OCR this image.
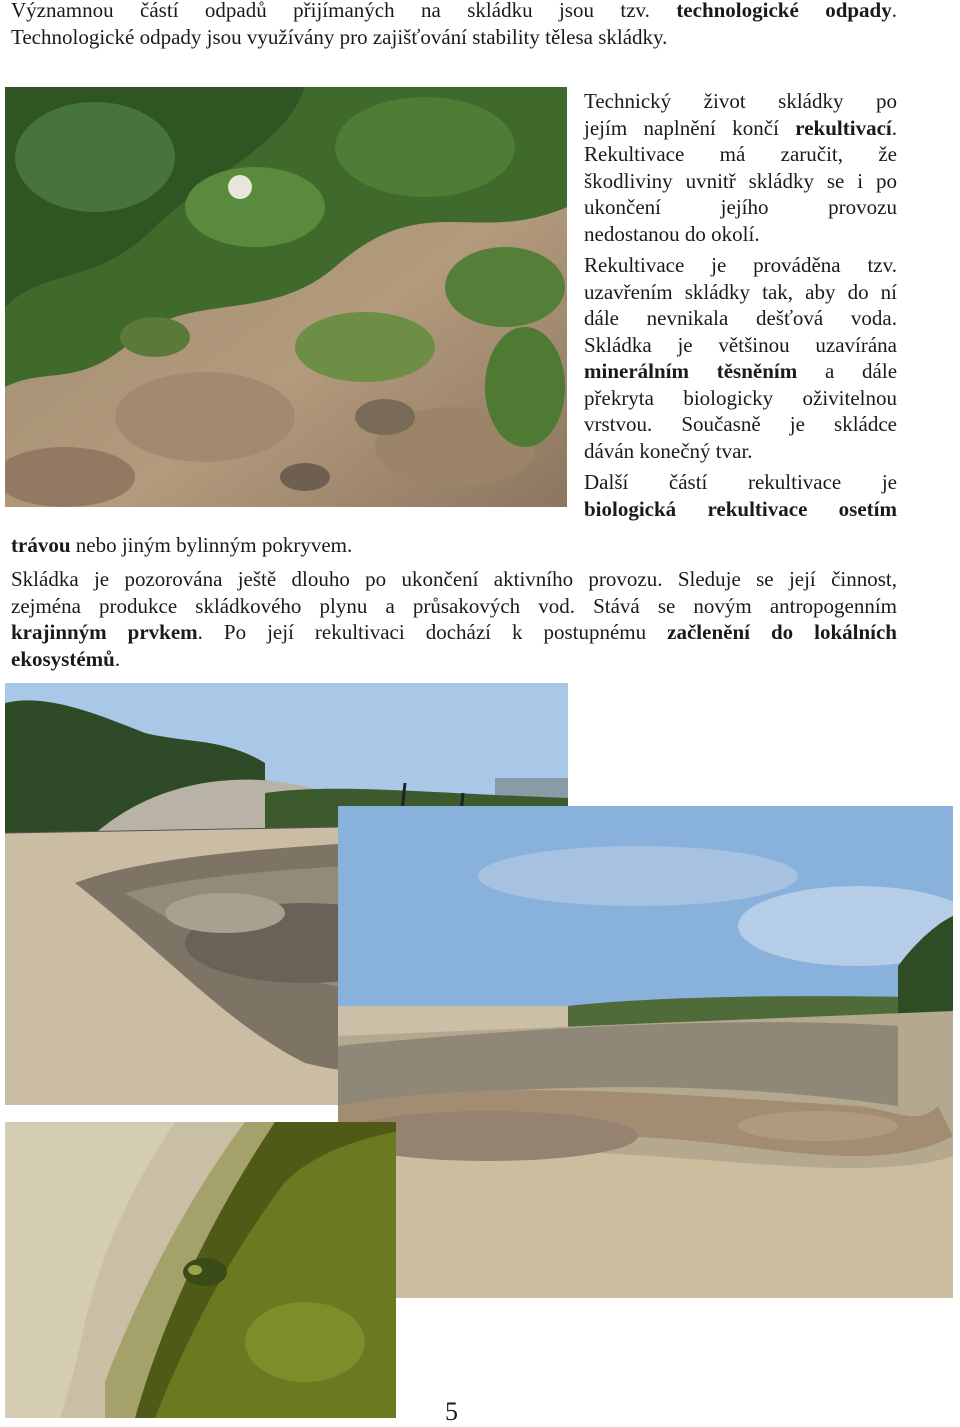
Významnou částí odpadů přijímaných na skládku jsou tzv. technologické odpady.
Technologické odpady jsou využívány pro zajišťování stability tělesa skládky.
Technický život skládky po
jejím naplnění končí rekultivací.
Rekultivace má zaručit, že
škodliviny uvnitř skládky se i po
ukončení jejího provozu
nedostanou do okolí.
Rekultivace je prováděna tzv.
uzavřením skládky tak, aby do ní
dále nevnikala dešťová voda.
Skládka je většinou uzavírána
minerálním těsněním a dále
překryta biologicky oživitelnou
vrstvou. Současně je skládce
dáván konečný tvar.
Další částí rekultivace je
biologická rekultivace osetím
trávou nebo jiným bylinným pokryvem.
Skládka je pozorována ještě dlouho po ukončení aktivního provozu. Sleduje se její činnost,
zejména produkce skládkového plynu a průsakových vod. Stává se novým antropogenním
krajinným prvkem. Po její rekultivaci dochází k postupnému začlenění do lokálních
ekosystémů.
5
